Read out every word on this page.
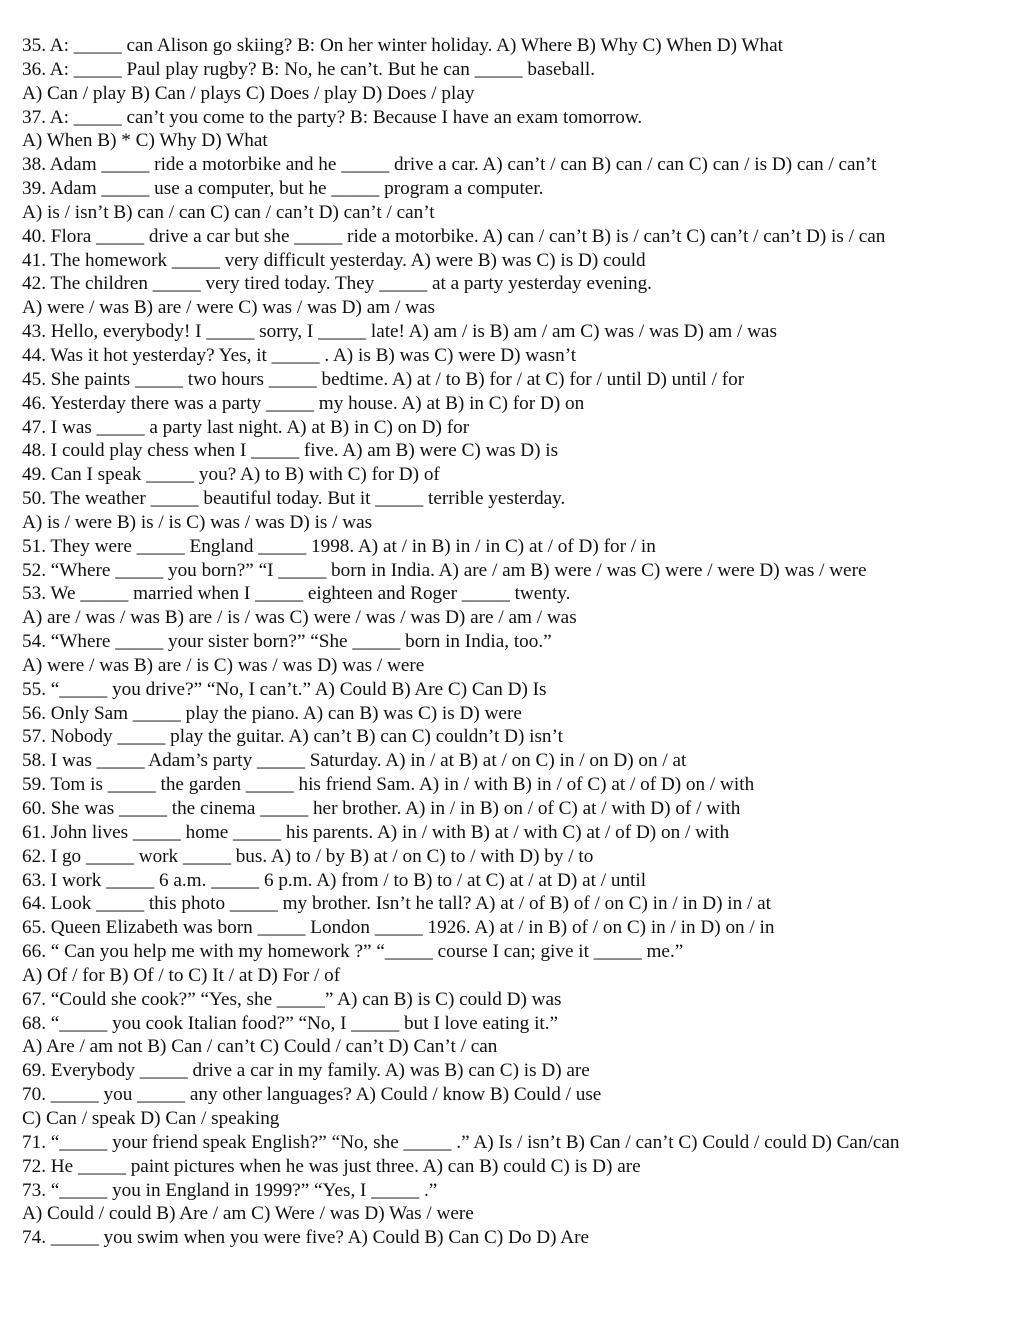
35. A: _____ can Alison go skiing? B: On her winter holiday. A) Where B) Why C) When D) What
36. A: _____ Paul play rugby? B: No, he can’t. But he can _____ baseball.
A) Can / play B) Can / plays C) Does / play D) Does / play
37. A: _____ can’t you come to the party? B: Because I have an exam tomorrow.
A) When B) * C) Why D) What
38. Adam _____ ride a motorbike and he _____ drive a car. A) can’t / can B) can / can C) can / is D) can / can’t
39. Adam _____ use a computer, but he _____ program a computer.
A) is / isn’t B) can / can C) can / can’t D) can’t / can’t
40. Flora _____ drive a car but she _____ ride a motorbike. A) can / can’t B) is / can’t C) can’t / can’t D) is / can
41. The homework _____ very difficult yesterday. A) were B) was C) is D) could
42. The children _____ very tired today. They _____ at a party yesterday evening.
A) were / was B) are / were C) was / was D) am / was
43. Hello, everybody! I _____ sorry, I _____ late! A) am / is B) am / am C) was / was D) am / was
44. Was it hot yesterday? Yes, it _____ . A) is B) was C) were D) wasn’t
45. She paints _____ two hours _____ bedtime. A) at / to B) for / at C) for / until D) until / for
46. Yesterday there was a party _____ my house. A) at B) in C) for D) on
47. I was _____ a party last night. A) at B) in C) on D) for
48. I could play chess when I _____ five. A) am B) were C) was D) is
49. Can I speak _____ you? A) to B) with C) for D) of
50. The weather _____ beautiful today. But it _____ terrible yesterday.
A) is / were B) is / is C) was / was D) is / was
51. They were _____ England _____ 1998. A) at / in B) in / in C) at / of D) for / in
52. “Where _____ you born?” “I _____ born in India. A) are / am B) were / was C) were / were D) was / were
53. We _____ married when I _____ eighteen and Roger _____ twenty.
A) are / was / was B) are / is / was C) were / was / was D) are / am / was
54. “Where _____ your sister born?” “She _____ born in India, too.”
A) were / was B) are / is C) was / was D) was / were
55. “_____ you drive?” “No, I can’t.” A) Could B) Are C) Can D) Is
56. Only Sam _____ play the piano. A) can B) was C) is D) were
57. Nobody _____ play the guitar. A) can’t B) can C) couldn’t D) isn’t
58. I was _____ Adam’s party _____ Saturday. A) in / at B) at / on C) in / on D) on / at
59. Tom is _____ the garden _____ his friend Sam. A) in / with B) in / of C) at / of D) on / with
60. She was _____ the cinema _____ her brother. A) in / in B) on / of C) at / with D) of / with
61. John lives _____ home _____ his parents. A) in / with B) at / with C) at / of D) on / with
62. I go _____ work _____ bus. A) to / by B) at / on C) to / with D) by / to
63. I work _____ 6 a.m. _____ 6 p.m. A) from / to B) to / at C) at / at D) at / until
64. Look _____ this photo _____ my brother. Isn’t he tall? A) at / of B) of / on C) in / in D) in / at
65. Queen Elizabeth was born _____ London _____ 1926. A) at / in B) of / on C) in / in D) on / in
66. “ Can you help me with my homework ?” “_____ course I can; give it _____ me.”
A) Of / for B) Of / to C) It / at D) For / of
67. “Could she cook?” “Yes, she _____” A) can B) is C) could D) was
68. “_____ you cook Italian food?” “No, I _____ but I love eating it.”
A) Are / am not B) Can / can’t C) Could / can’t D) Can’t / can
69. Everybody _____ drive a car in my family. A) was B) can C) is D) are
70. _____ you _____ any other languages? A) Could / know B) Could / use
C) Can / speak D) Can / speaking
71. “_____ your friend speak English?” “No, she _____ .” A) Is / isn’t B) Can / can’t C) Could / could D) Can/can
72. He _____ paint pictures when he was just three. A) can B) could C) is D) are
73. “_____ you in England in 1999?” “Yes, I _____ .”
A) Could / could B) Are / am C) Were / was D) Was / were
74. _____ you swim when you were five? A) Could B) Can C) Do D) Are
